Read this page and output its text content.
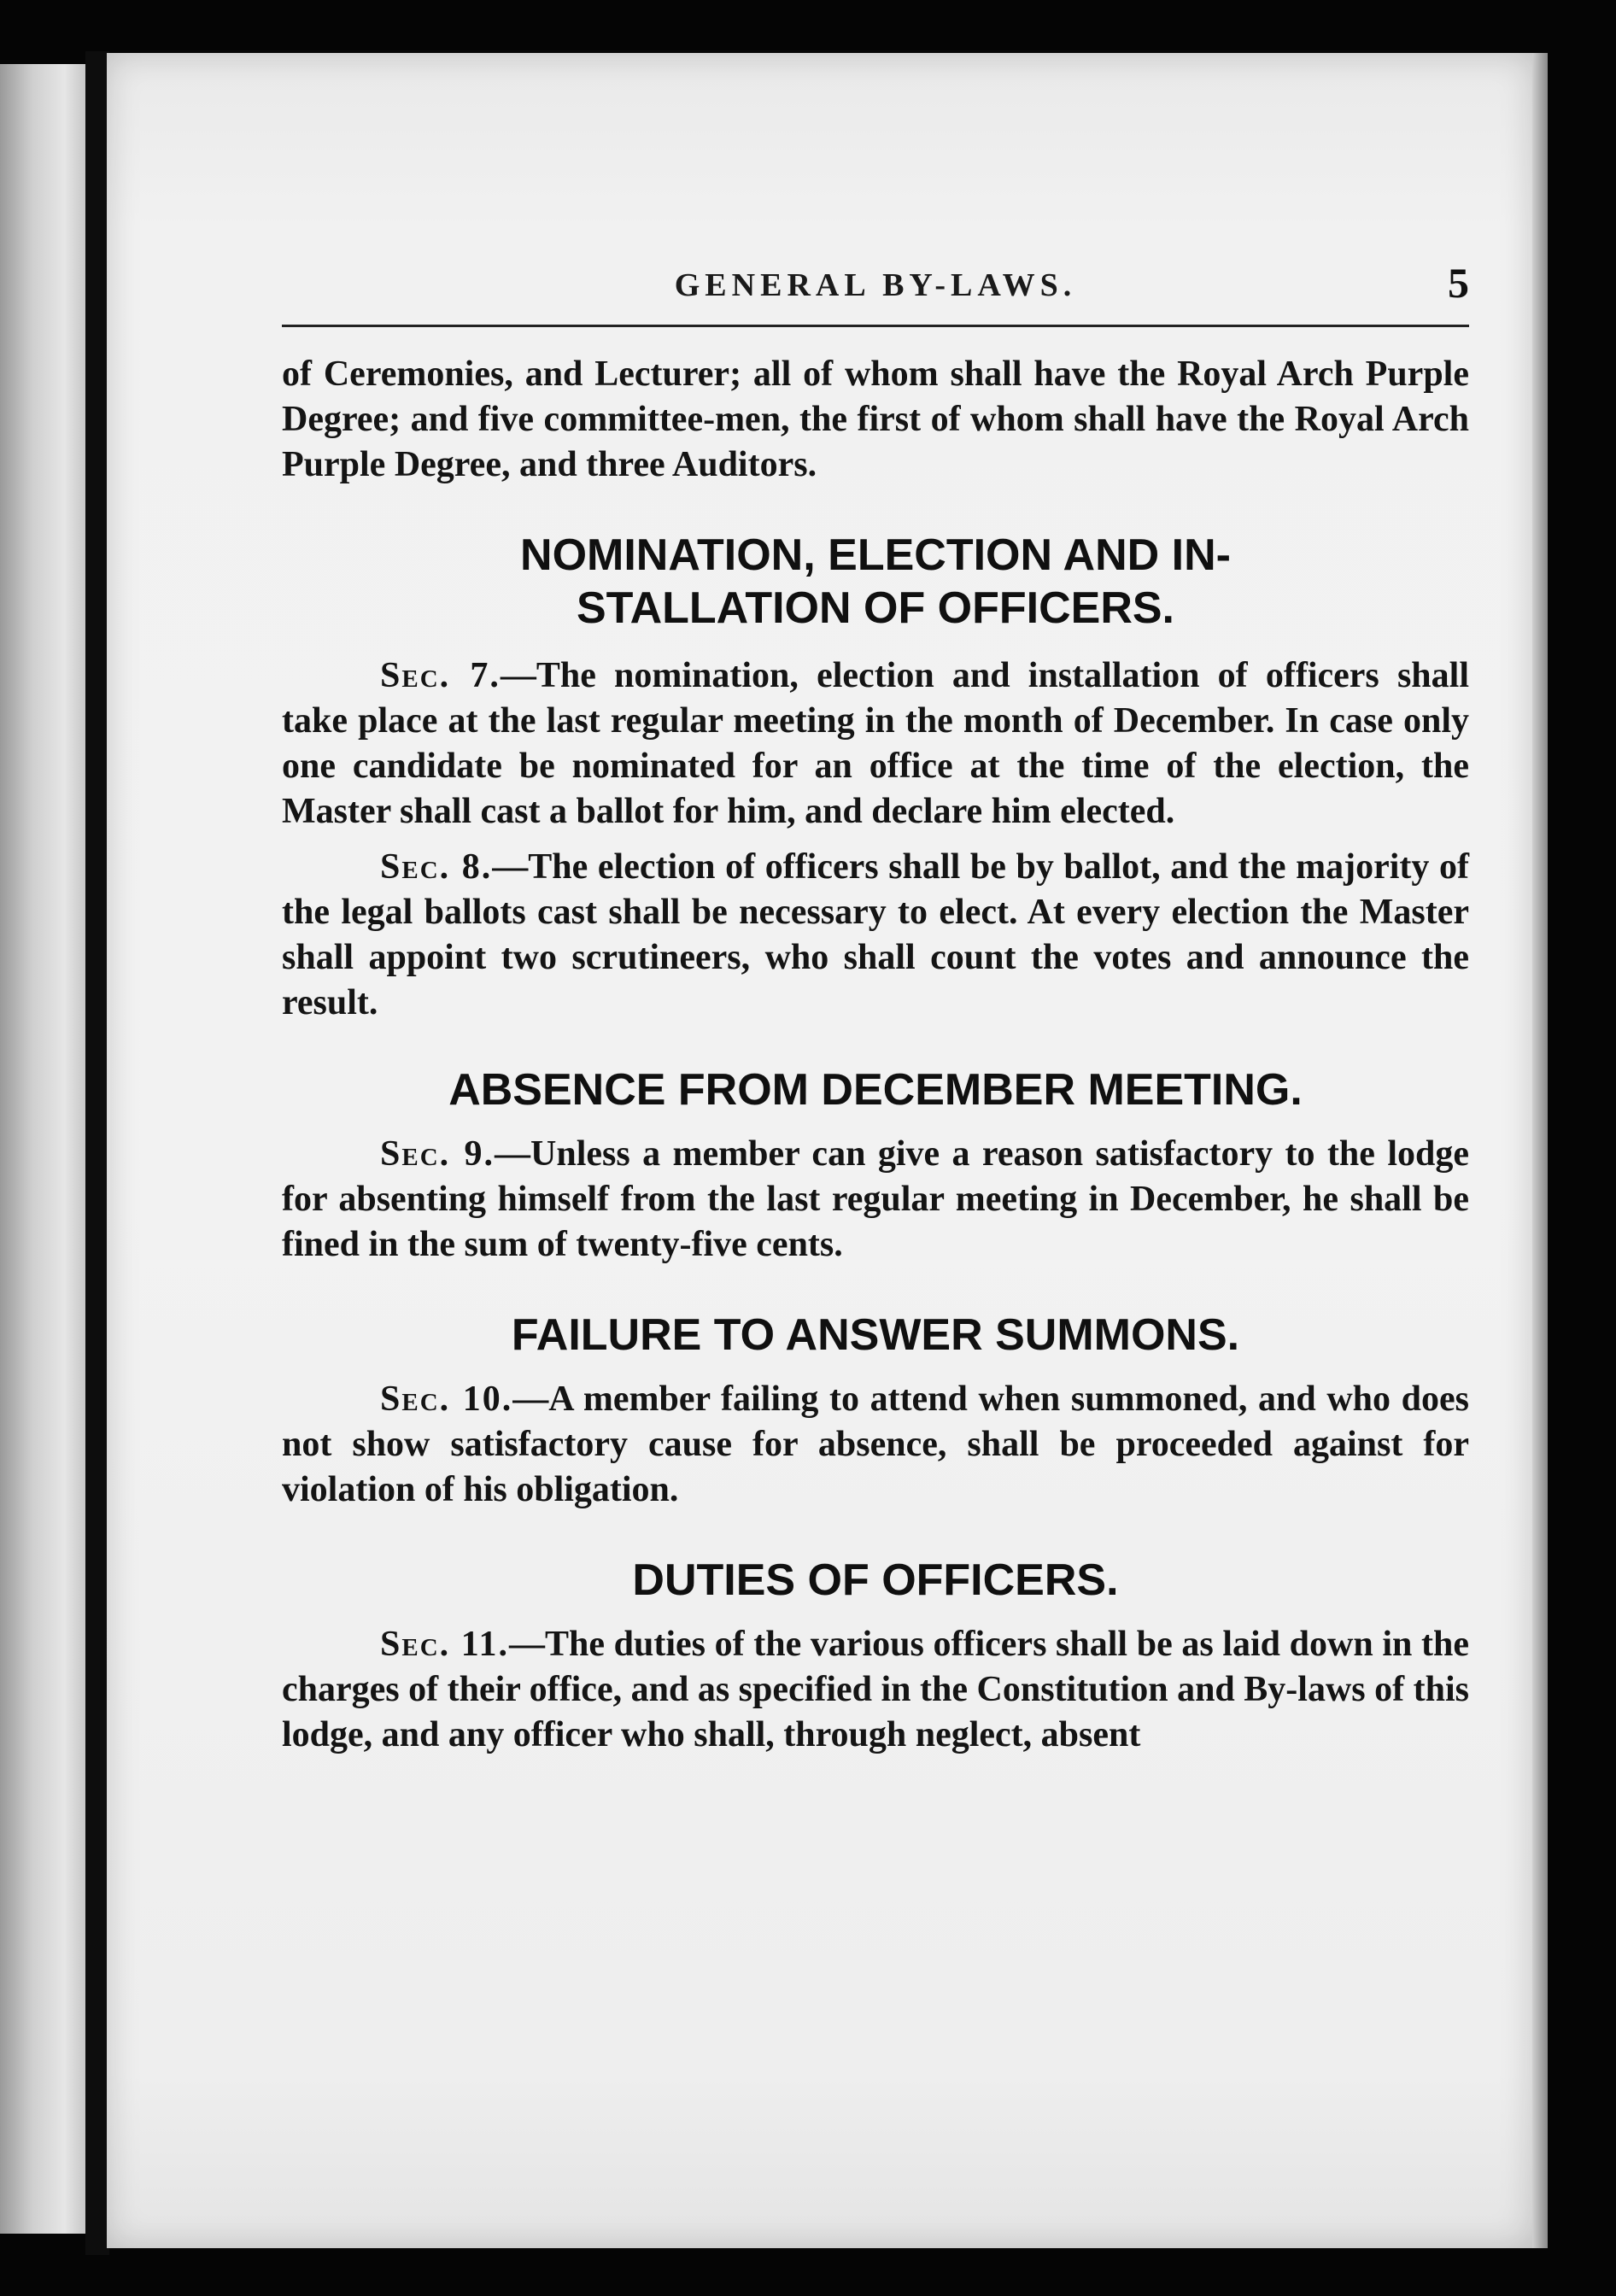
GENERAL BY-LAWS.	5

of Ceremonies, and Lecturer; all of whom shall have the Royal Arch Purple Degree; and five committee-men, the first of whom shall have the Royal Arch Purple Degree, and three Auditors.

NOMINATION, ELECTION AND IN-
STALLATION OF OFFICERS.

Sec. 7.—The nomination, election and installation of officers shall take place at the last regular meeting in the month of December. In case only one candidate be nominated for an office at the time of the election, the Master shall cast a ballot for him, and declare him elected.

Sec. 8.—The election of officers shall be by ballot, and the majority of the legal ballots cast shall be necessary to elect. At every election the Master shall appoint two scrutineers, who shall count the votes and announce the result.

ABSENCE FROM DECEMBER MEETING.

Sec. 9.—Unless a member can give a reason satisfactory to the lodge for absenting himself from the last regular meeting in December, he shall be fined in the sum of twenty-five cents.

FAILURE TO ANSWER SUMMONS.

Sec. 10.—A member failing to attend when summoned, and who does not show satisfactory cause for absence, shall be proceeded against for violation of his obligation.

DUTIES OF OFFICERS.

Sec. 11.—The duties of the various officers shall be as laid down in the charges of their office, and as specified in the Constitution and By-laws of this lodge, and any officer who shall, through neglect, absent
